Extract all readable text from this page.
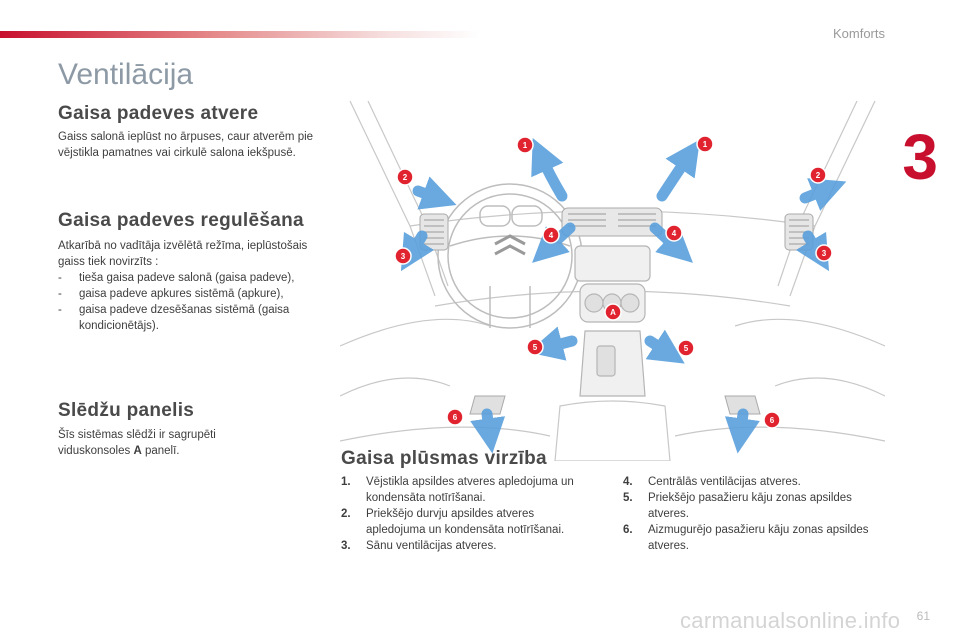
Komforts
3
Ventilācija
Gaisa padeves atvere

Gaiss salonā ieplūst no ārpuses, caur atverēm pie vējstikla pamatnes vai cirkulē salona iekšpusē.

Gaisa padeves regulēšana

Atkarībā no vadītāja izvēlētā režīma, ieplūstošais gaiss tiek novirzīts :

- tieša gaisa padeve salonā (gaisa padeve),
- gaisa padeve apkures sistēmā (apkure),
- gaisa padeve dzesēšanas sistēmā (gaisa kondicionētājs).
Slēdžu panelis

Šīs sistēmas slēdži ir sagrupēti viduskonsoles A panelī.

1	1
2	2
3	3
4	4
5	5
6	6
A
Gaisa plūsmas virzība
1. Vējstikla apsildes atveres apledojuma un kondensāta notīrīšanai.
2. Priekšējo durvju apsildes atveres apledojuma un kondensāta notīrīšanai.
3. Sānu ventilācijas atveres.
4. Centrālās ventilācijas atveres.
5. Priekšējo pasažieru kāju zonas apsildes atveres.
6. Aizmugurējo pasažieru kāju zonas apsildes atveres.
carmanualsonline.info 61
